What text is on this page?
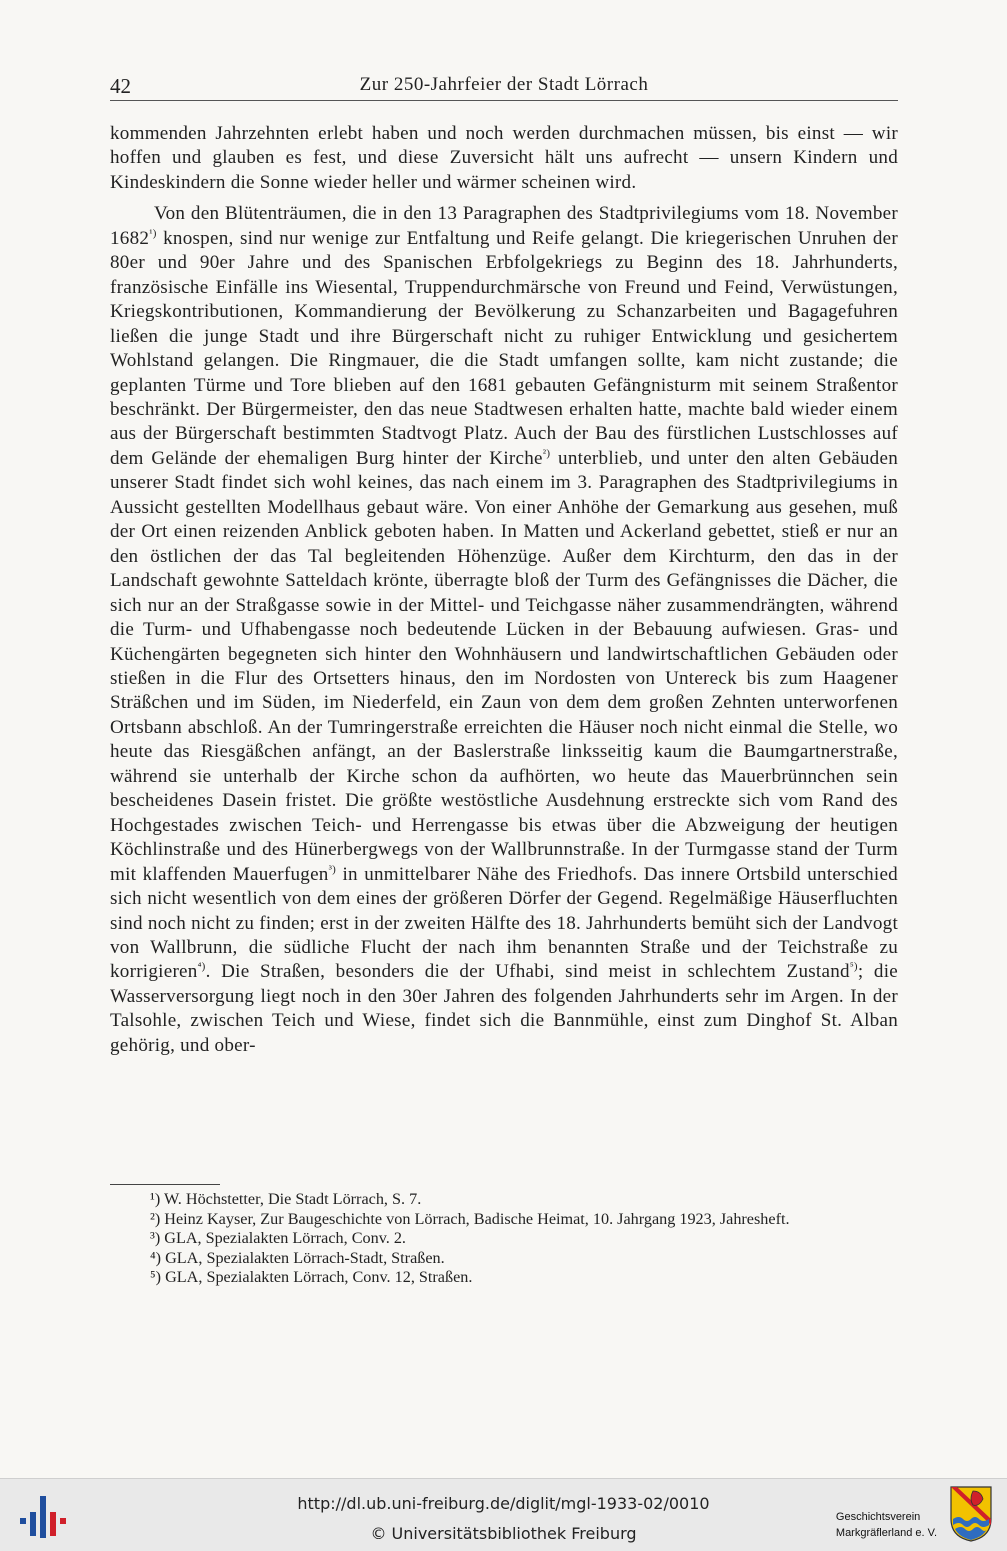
42	Zur 250-Jahrfeier der Stadt Lörrach

kommenden Jahrzehnten erlebt haben und noch werden durchmachen müssen, bis einst — wir hoffen und glauben es fest, und diese Zuversicht hält uns aufrecht — unsern Kindern und Kindeskindern die Sonne wieder heller und wärmer scheinen wird.

Von den Blütenträumen, die in den 13 Paragraphen des Stadtprivilegiums vom 18. November $1682^{^1)}$ knospen, sind nur wenige zur Entfaltung und Reife gelangt. Die kriegerischen Unruhen der 80er und 90er Jahre und des Spanischen Erbfolgekriegs zu Beginn des 18. Jahrhunderts, französische Einfälle ins Wiesental, Truppendurchmärsche von Freund und Feind, Verwüstungen, Kriegskontributionen, Kommandierung der Bevölkerung zu Schanzarbeiten und Bagagefuhren ließen die junge Stadt und ihre Bürgerschaft nicht zu ruhiger Entwicklung und gesichertem Wohlstand gelangen. Die Ringmauer, die die Stadt umfangen sollte, kam nicht zustande; die geplanten Türme und Tore blieben auf den 1681 gebauten Gefängnisturm mit seinem Straßentor beschränkt. Der Bürgermeister, den das neue Stadtwesen erhalten hatte, machte bald wieder einem aus der Bürgerschaft bestimmten Stadtvogt Platz. Auch der Bau des fürstlichen Lustschlosses auf dem Gelände der ehemaligen Burg hinter der Kirche$^{^2)}$ unterblieb, und unter den alten Gebäuden unserer Stadt findet sich wohl keines, das nach einem im 3. Paragraphen des Stadtprivilegiums in Aussicht gestellten Modellhaus gebaut wäre. Von einer Anhöhe der Gemarkung aus gesehen, muß der Ort einen reizenden Anblick geboten haben. In Matten und Ackerland gebettet, stieß er nur an den östlichen der das Tal begleitenden Höhenzüge. Außer dem Kirchturm, den das in der Landschaft gewohnte Satteldach krönte, überragte bloß der Turm des Gefängnisses die Dächer, die sich nur an der Straßgasse sowie in der Mittel- und Teichgasse näher zusammendrängten, während die Turm- und Ufhabengasse noch bedeutende Lücken in der Bebauung aufwiesen. Gras- und Küchengärten begegneten sich hinter den Wohnhäusern und landwirtschaftlichen Gebäuden oder stießen in die Flur des Ortsetters hinaus, den im Nordosten von Untereck bis zum Haagener Sträßchen und im Süden, im Niederfeld, ein Zaun von dem dem großen Zehnten unterworfenen Ortsbann abschloß. An der Tumringerstraße erreichten die Häuser noch nicht einmal die Stelle, wo heute das Riesgäßchen anfängt, an der Baslerstraße linksseitig kaum die Baumgartnerstraße, während sie unterhalb der Kirche schon da aufhörten, wo heute das Mauerbrünnchen sein bescheidenes Dasein fristet. Die größte westöstliche Ausdehnung erstreckte sich vom Rand des Hochgestades zwischen Teich- und Herrengasse bis etwas über die Abzweigung der heutigen Köchlinstraße und des Hünerbergwegs von der Wallbrunnstraße. In der Turmgasse stand der Turm mit klaffenden Mauerfugen$^{^3)}$ in unmittelbarer Nähe des Friedhofs. Das innere Ortsbild unterschied sich nicht wesentlich von dem eines der größeren Dörfer der Gegend. Regelmäßige Häuserfluchten sind noch nicht zu finden; erst in der zweiten Hälfte des 18. Jahrhunderts bemüht sich der Landvogt von Wallbrunn, die südliche Flucht der nach ihm benannten Straße und der Teichstraße zu korrigieren$^{^4)}$. Die Straßen, besonders die der Ufhabi, sind meist in schlechtem Zustand$^{^5)}$; die Wasserversorgung liegt noch in den 30er Jahren des folgenden Jahrhunderts sehr im Argen. In der Talsohle, zwischen Teich und Wiese, findet sich die Bannmühle, einst zum Dinghof St. Alban gehörig, und ober-

¹) W. Höchstetter, Die Stadt Lörrach, S. 7.

²) Heinz Kayser, Zur Baugeschichte von Lörrach, Badische Heimat, 10. Jahrgang 1923, Jahresheft.

³) GLA, Spezialakten Lörrach, Conv. 2.

⁴) GLA, Spezialakten Lörrach-Stadt, Straßen.

⁵) GLA, Spezialakten Lörrach, Conv. 12, Straßen.

http://dl.ub.uni-freiburg.de/diglit/mgl-1933-02/0010
© Universitätsbibliothek Freiburg
Geschichtsverein
Markgräflerland e. V.
